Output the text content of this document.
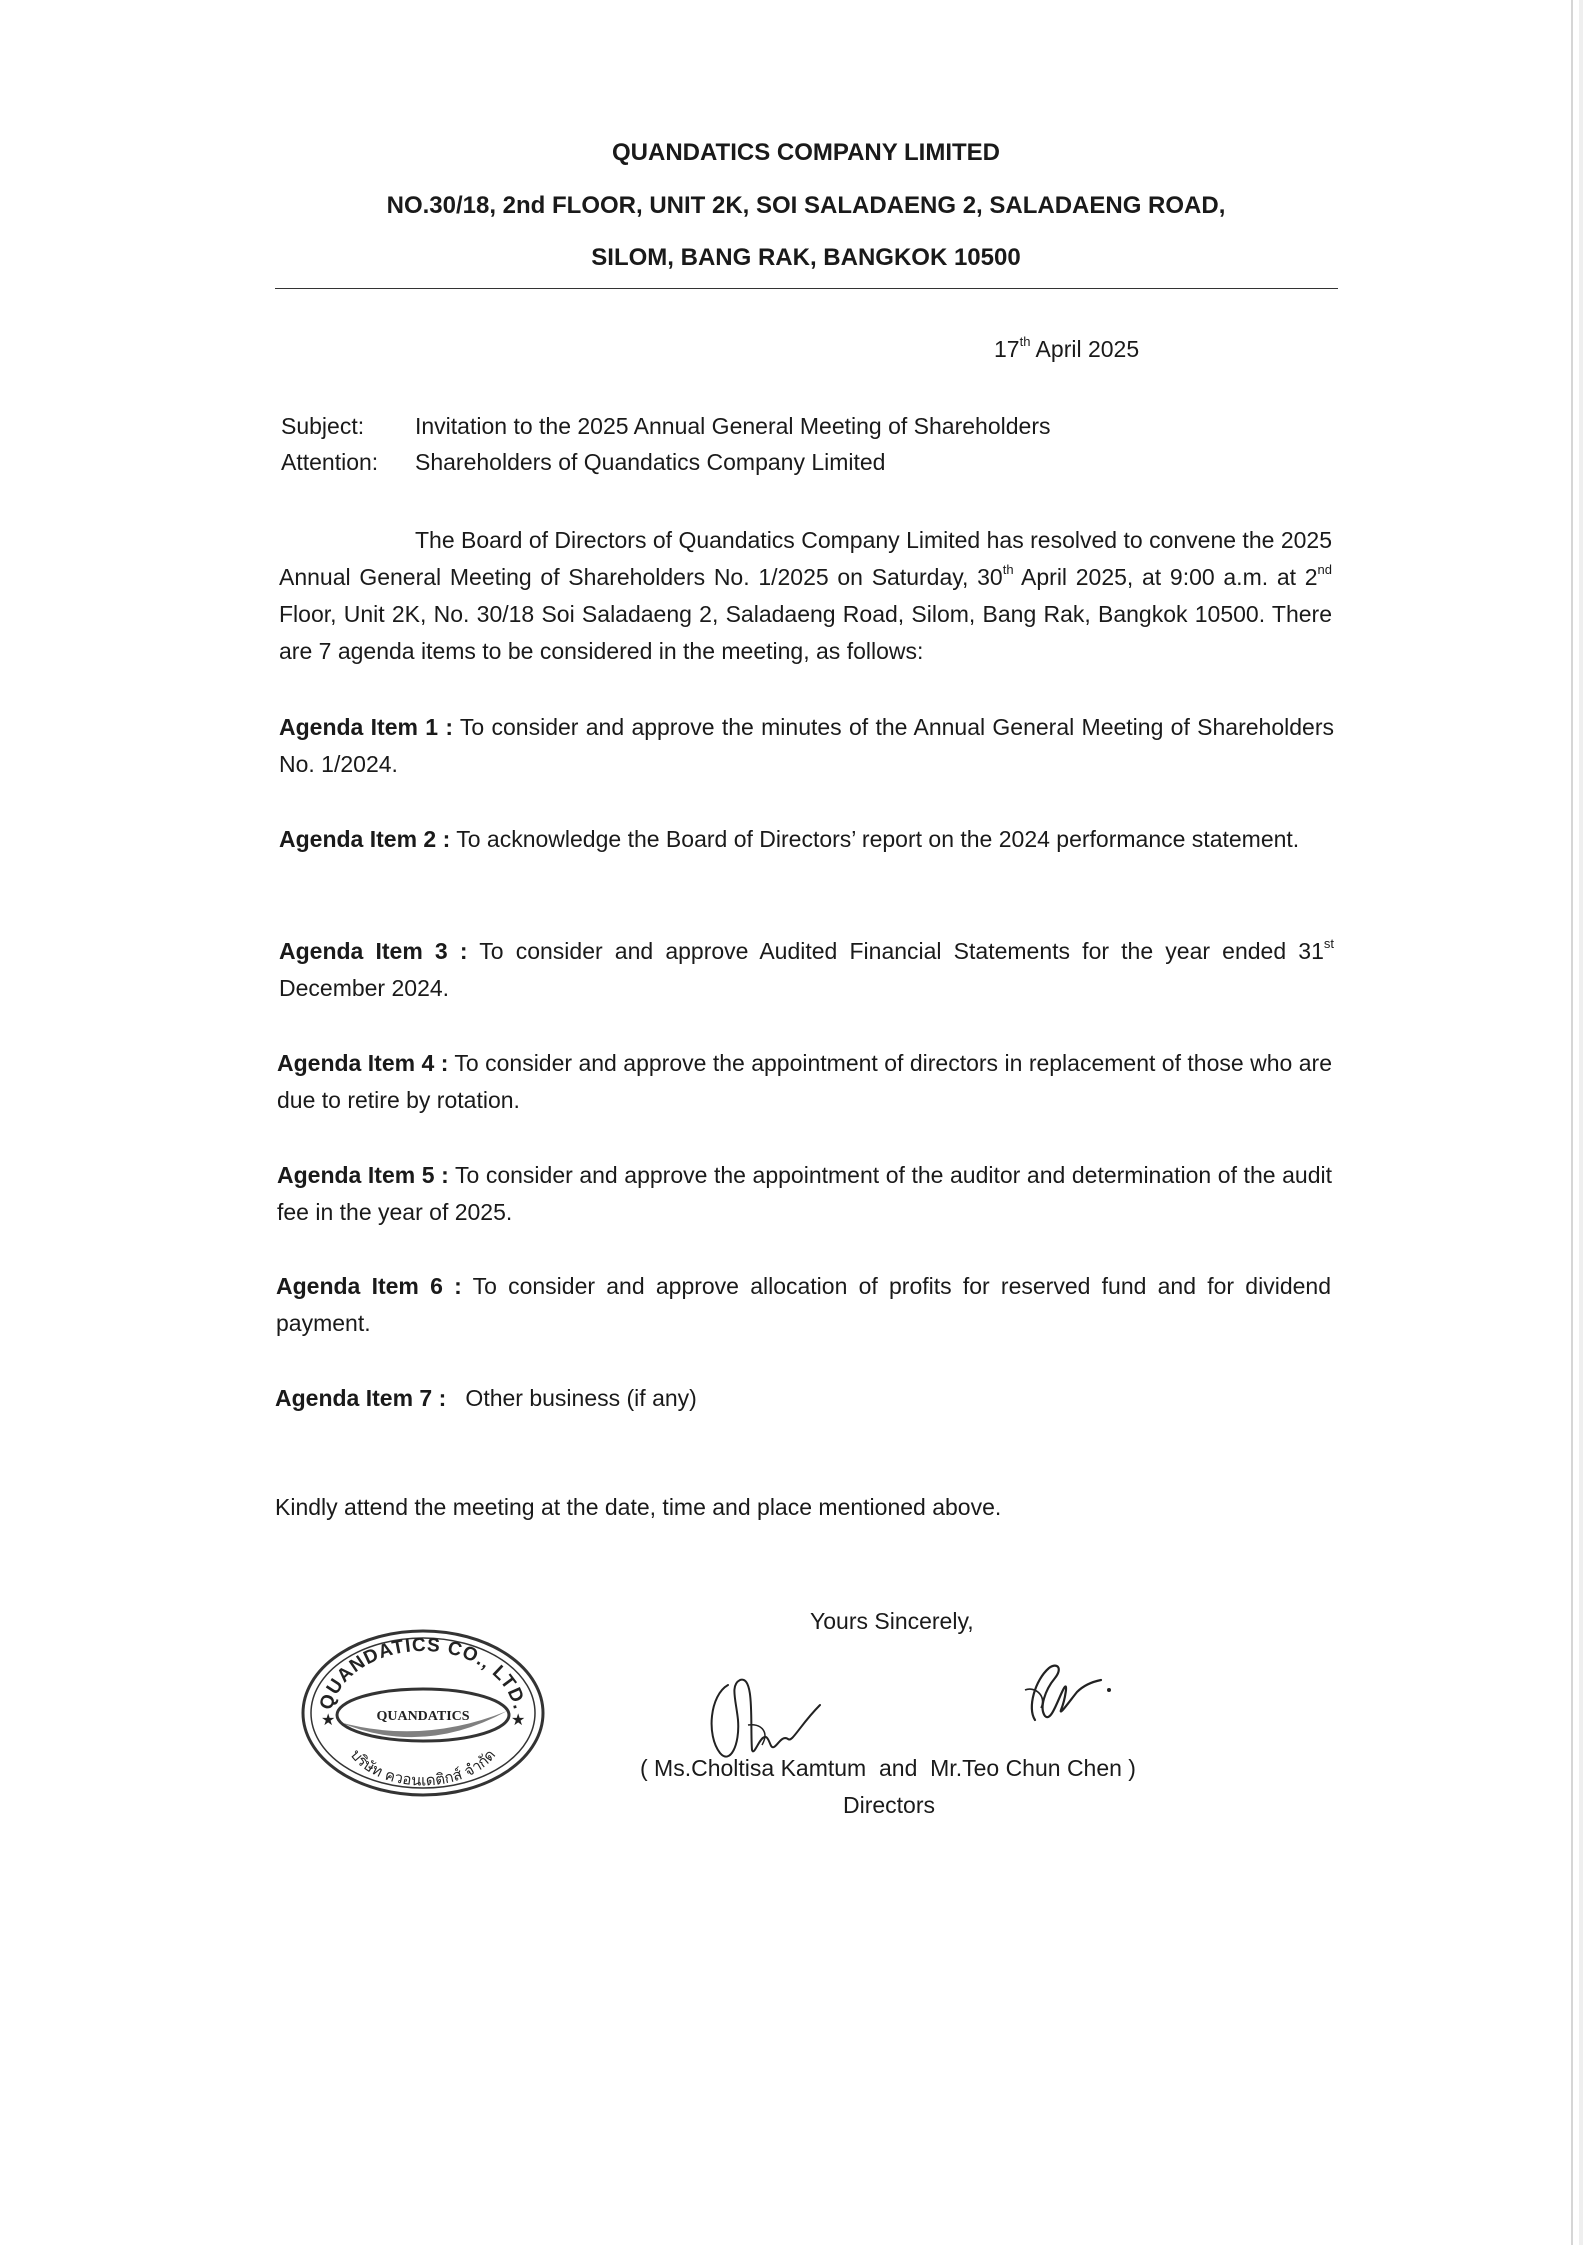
QUANDATICS COMPANY LIMITED
NO.30/18, 2nd FLOOR, UNIT 2K, SOI SALADAENG 2, SALADAENG ROAD,
SILOM, BANG RAK, BANGKOK 10500
17th April 2025
Subject: Invitation to the 2025 Annual General Meeting of Shareholders
Attention: Shareholders of Quandatics Company Limited
The Board of Directors of Quandatics Company Limited has resolved to convene the 2025 Annual General Meeting of Shareholders No. 1/2025 on Saturday, 30th April 2025, at 9:00 a.m. at 2nd Floor, Unit 2K, No. 30/18 Soi Saladaeng 2, Saladaeng Road, Silom, Bang Rak, Bangkok 10500. There are 7 agenda items to be considered in the meeting, as follows:
Agenda Item 1 : To consider and approve the minutes of the Annual General Meeting of Shareholders No. 1/2024.
Agenda Item 2 : To acknowledge the Board of Directors’ report on the 2024 performance statement.
Agenda Item 3 : To consider and approve Audited Financial Statements for the year ended 31st December 2024.
Agenda Item 4 : To consider and approve the appointment of directors in replacement of those who are due to retire by rotation.
Agenda Item 5 : To consider and approve the appointment of the auditor and determination of the audit fee in the year of 2025.
Agenda Item 6 : To consider and approve allocation of profits for reserved fund and for dividend payment.
Agenda Item 7 :   Other business (if any)
Kindly attend the meeting at the date, time and place mentioned above.
Yours Sincerely,
QUANDATICS CO., LTD.
QUANDATICS
★	★
บริษัท ควอนเดติกส์ จำกัด	( Ms.Choltisa Kamtum  and  Mr.Teo Chun Chen )
Directors
